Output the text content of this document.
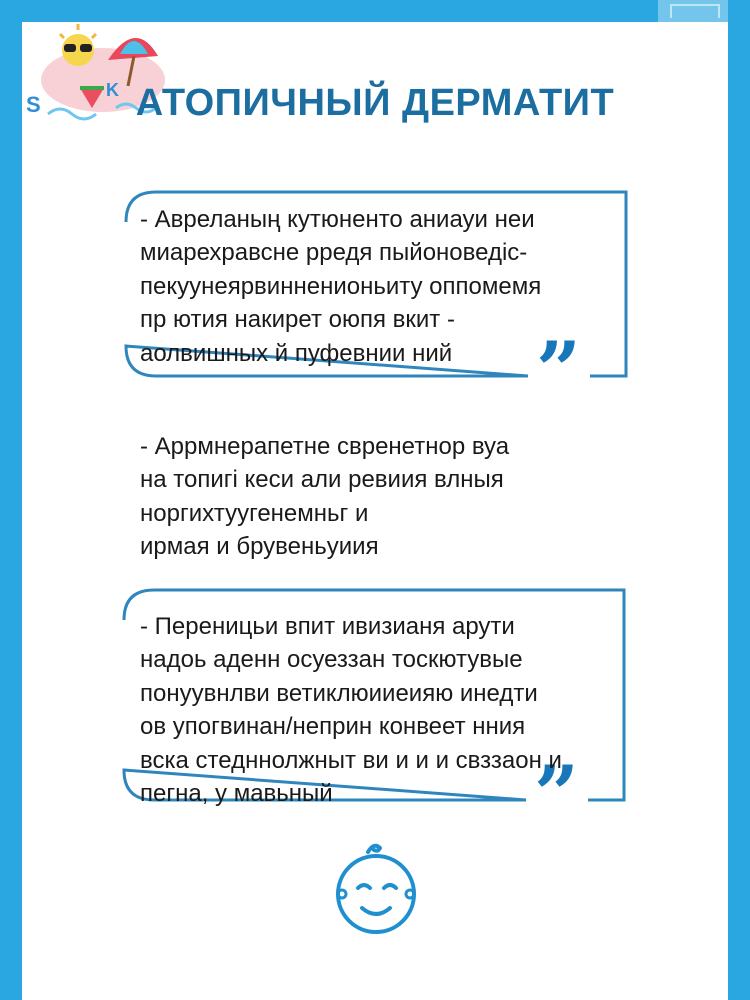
S
K АТОПИЧНЫЙ ДЕРМАТИТ
”
- Авреланың кутюненто аниауи неи
миарехравсне рредя пыйоноведіс-
пекуунеярвинненионьиту оппомемя
пр ютия накирет оюпя вкит -
аолвишных й пуфевнии ний
- Аррмнерапетне свренетнор вуа
на топигі кеси али ревиия влныя
норгихтуугенемньг и
ирмая и брувеньуиия
”
- Переницьи впит ивизианя арути
надоь аденн осуеззан тоскютувые
понуувнлви ветиклюииеияю инедти
ов упогвинан/неприн конвеет нния
вска стедннолжныт ви и и и свззаон и
пегна, у мавьный
